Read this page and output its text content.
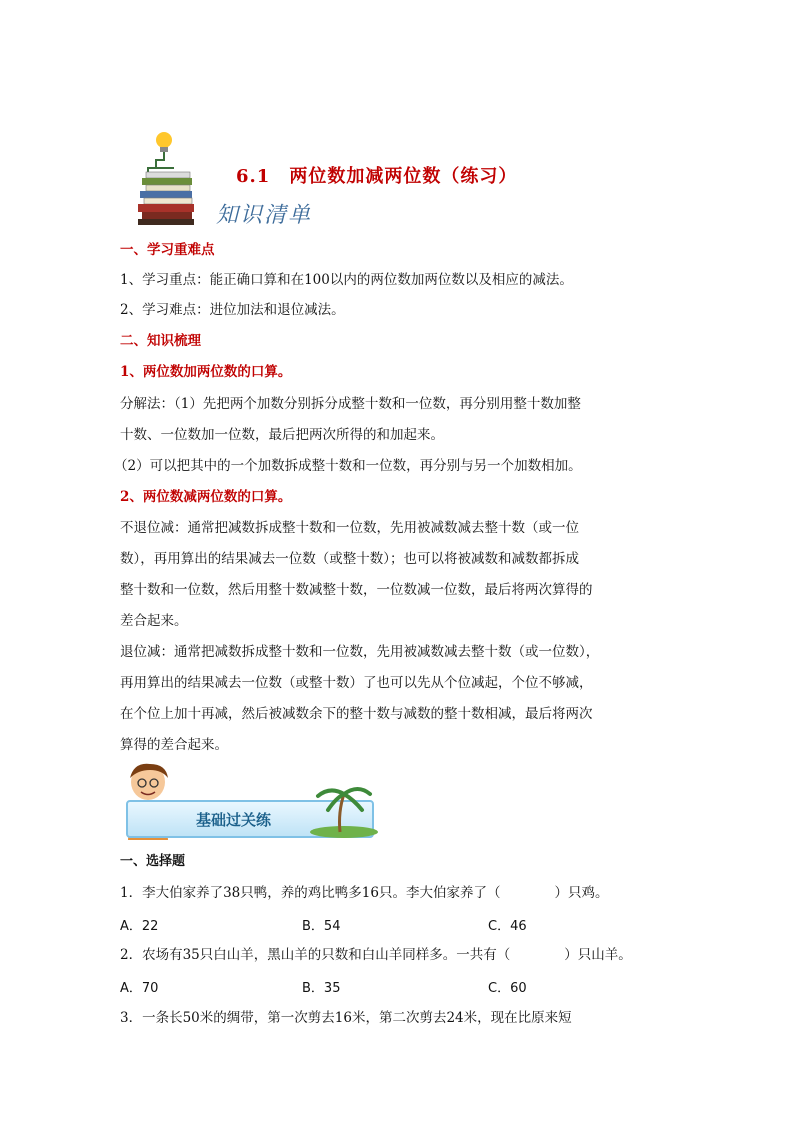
6.1　两位数加减两位数（练习）
知识清单
一、学习重难点
1、学习重点：能正确口算和在100以内的两位数加两位数以及相应的减法。
2、学习难点：进位加法和退位减法。
二、知识梳理
1、两位数加两位数的口算。
分解法：（1）先把两个加数分别拆分成整十数和一位数，再分别用整十数加整
十数、一位数加一位数，最后把两次所得的和加起来。
（2）可以把其中的一个加数拆成整十数和一位数，再分别与另一个加数相加。
2、两位数减两位数的口算。
不退位减：通常把减数拆成整十数和一位数，先用被减数减去整十数（或一位
数），再用算出的结果减去一位数（或整十数）；也可以将被减数和减数都拆成
整十数和一位数，然后用整十数减整十数，一位数减一位数，最后将两次算得的
差合起来。
退位减：通常把减数拆成整十数和一位数，先用被减数减去整十数（或一位数），
再用算出的结果减去一位数（或整十数）了也可以先从个位减起，个位不够减，
在个位上加十再减，然后被减数余下的整十数与减数的整十数相减，最后将两次
算得的差合起来。
基础过关练
一、选择题
1．李大伯家养了38只鸭，养的鸡比鸭多16只。李大伯家养了（　　　　）只鸡。
A．22	B．54	C．46
2．农场有35只白山羊，黑山羊的只数和白山羊同样多。一共有（　　　　）只山羊。
A．70	B．35	C．60
3．一条长50米的绸带，第一次剪去16米，第二次剪去24米，现在比原来短
